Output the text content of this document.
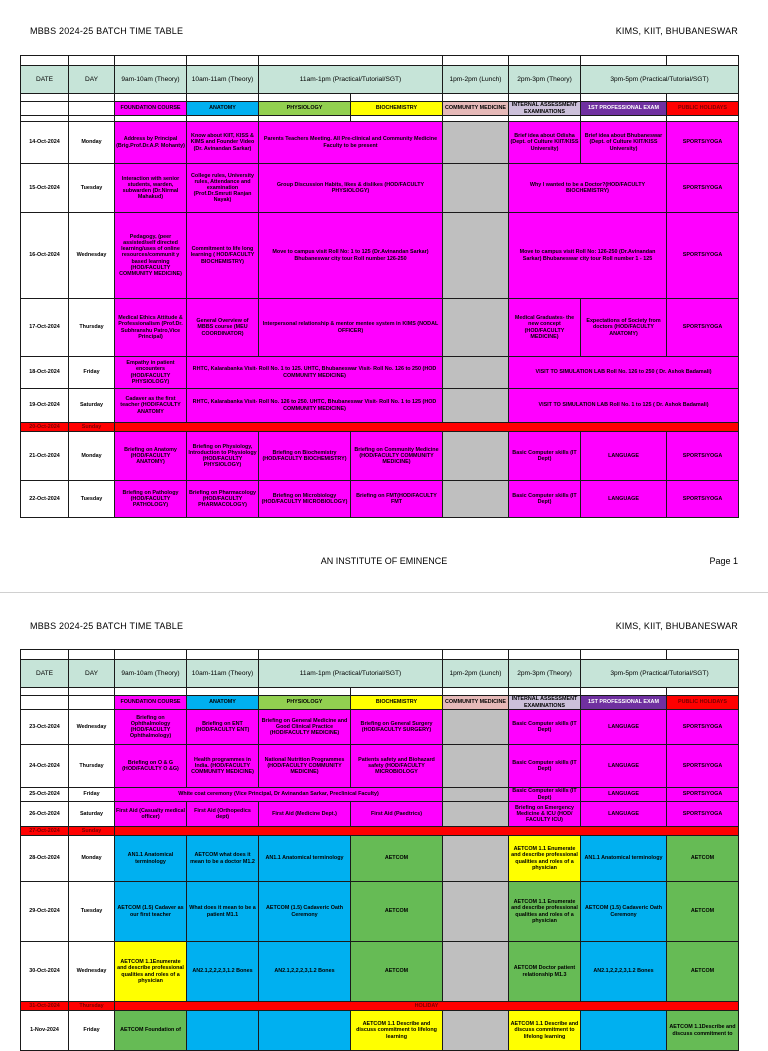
MBBS 2024-25 BATCH TIME TABLE	KIMS, KIIT, BHUBANESWAR

DATE	DAY	9am-10am (Theory)	10am-11am (Theory)	11am-1pm (Practical/Tutorial/SGT)		1pm-2pm (Lunch)	2pm-3pm (Theory)	3pm-5pm (Practical/Tutorial/SGT)	

		FOUNDATION COURSE	ANATOMY	PHYSIOLOGY	BIOCHEMISTRY	COMMUNITY MEDICINE	INTERNAL ASSESSMENT EXAMINATIONS	1ST PROFESSIONAL EXAM	PUBLIC HOLIDAYS

14-Oct-2024	Monday	Address by Principal (Brig.Prof.Dr.A.P. Mohanty)	Know about KIIT, KISS & KIMS and Founder Video (Dr. Avinandan Sarkar)	Parents Teachers Meeting. All Pre-clinical and Community Medicine Faculty to be present			Brief idea about Odisha (Dept. of Culture KIIT/KISS University)	Brief idea about Bhubaneswar (Dept. of Culture KIIT/KISS University)	SPORTS/YOGA
15-Oct-2024	Tuesday	Interaction with senior students, warden, subwarden (Dr.Nirmal Mahakud)	College rules, University rules, Attendance and examination (Prof.Dr.Smruti Ranjan Nayak)	Group Discussion Habits, likes & dislikes (HOD/FACULTY PHYSIOLOGY)			Why I wanted to be a Doctor?(HOD/FACULTY BIOCHEMISTRY)		SPORTS/YOGA
16-Oct-2024	Wednesday	Pedagogy, (peer assisted/self directed learning/uses of online resources/communit y based learning (HOD/FACULTY COMMUNITY MEDICINE)	Commitment to life long learning ( HOD/FACULTY BIOCHEMISTRY)	Move to campus visit Roll No: 1 to 125 (Dr.Avinandan Sarkar) Bhubaneswar city tour Roll number 126-250			Move to campus visit Roll No: 126-250 (Dr.Avinandan Sarkar) Bhubaneswar city tour Roll number 1 - 125		SPORTS/YOGA
17-Oct-2024	Thursday	Medical Ethics Attitude & Professionalism (Prof.Dr. Subhranshu Patro,Vice Principal)	General Overview of MBBS course (MEU COORDINATOR)	Interpersonal relationship & mentor mentee system in KIMS (NODAL OFFICER)			Medical Graduates- the new concept (HOD/FACULTY MEDICINE)	Expectations of Society from doctors (HOD/FACULTY ANATOMY)	SPORTS/YOGA
18-Oct-2024	Friday	Empathy in patient encounters (HOD/FACULTY PHYSIOLOGY)	RHTC, Kalarabanka Visit- Roll No. 1 to 125. UHTC, Bhubaneswar Visit- Roll No. 126 to 250 (HOD COMMUNITY MEDICINE)				VISIT TO SIMULATION LAB Roll No. 126 to 250 ( Dr. Ashok Badamali)		
19-Oct-2024	Saturday	Cadaver as the first teacher (HOD/FACULTY ANATOMY	RHTC, Kalarabanka Visit- Roll No. 126 to 250. UHTC, Bhubaneswar Visit- Roll No. 1 to 125 (HOD COMMUNITY MEDICINE)				VISIT TO SIMULATION LAB Roll No. 1 to 125 ( Dr. Ashok Badamali)		
20-Oct-2024	Sunday								
21-Oct-2024	Monday	Briefing on Anatomy (HOD/FACULTY ANATOMY)	Briefing on Physiology, Introduction to Physiology (HOD/FACULTY PHYSIOLOGY)	Briefing on Biochemistry (HOD/FACULTY BIOCHEMISTRY)	Briefing on Community Medicine (HOD/FACULTY COMMUNITY MEDICINE)		Basic Computer skills (IT Dept)	LANGUAGE	SPORTS/YOGA
22-Oct-2024	Tuesday	Briefing on Pathology (HOD/FACULTY PATHOLOGY)	Briefing on Pharmacology (HOD/FACULTY PHARMACOLOGY)	Briefing on Microbiology (HOD/FACULTY MICROBIOLOGY)	Briefing on FMT(HOD/FACULTY FMT		Basic Computer skills (IT Dept)	LANGUAGE	SPORTS/YOGA
AN INSTITUTE OF EMINENCE	Page 1
MBBS 2024-25 BATCH TIME TABLE	KIMS, KIIT, BHUBANESWAR

DATE	DAY	9am-10am (Theory)	10am-11am (Theory)	11am-1pm (Practical/Tutorial/SGT)		1pm-2pm (Lunch)	2pm-3pm (Theory)	3pm-5pm (Practical/Tutorial/SGT)	

		FOUNDATION COURSE	ANATOMY	PHYSIOLOGY	BIOCHEMISTRY	COMMUNITY MEDICINE	INTERNAL ASSESSMENT EXAMINATIONS	1ST PROFESSIONAL EXAM	PUBLIC HOLIDAYS
23-Oct-2024	Wednesday	Briefing on Ophthalmology (HOD/FACULTY Ophthalmology)	Briefing on ENT (HOD/FACULTY ENT)	Briefing on General Medicine and Good Clinical Practice (HOD/FACULTY MEDICINE)	Briefing on General Surgery (HOD/FACULTY SURGERY)		Basic Computer skills (IT Dept)	LANGUAGE	SPORTS/YOGA
24-Oct-2024	Thursday	Briefing on O & G (HOD/FACULTY O &G)	Health programmes in India. (HOD/FACULTY COMMUNITY MEDICINE)	National Nutrition Programmes (HOD/FACULTY COMMUNITY MEDICINE)	Patients safety and Biohazard safety (HOD/FACULTY MICROBIOLOGY		Basic Computer skills (IT Dept)	LANGUAGE	SPORTS/YOGA
25-Oct-2024	Friday	White coat ceremony (Vice Principal, Dr Avinandan Sarkar, Preclinical Faculty)					Basic Computer skills (IT Dept)	LANGUAGE	SPORTS/YOGA
26-Oct-2024	Saturday	First Aid (Casualty medical officer)	First Aid (Orthopedics dept)	First Aid (Medicine Dept.)	First Aid (Paedtrics)		Briefing on Emergency Medicine & ICU (HOD/ FACULTY ICU)	LANGUAGE	SPORTS/YOGA
27-Oct-2024	Sunday								
28-Oct-2024	Monday	AN1.1 Anatomical terminology	AETCOM what does it mean to be a doctor M1.2	AN1.1 Anatomical terminology	AETCOM		AETCOM 1.1 Enumerate and describe professional qualities and roles of a physician	AN1.1 Anatomical terminology	AETCOM
29-Oct-2024	Tuesday	AETCOM (1.5) Cadaver as our first teacher	What does it mean to be a patient M1.1	AETCOM (1.5) Cadaveric Oath Ceremony	AETCOM		AETCOM 1.1 Enumerate and describe professional qualities and roles of a physician	AETCOM (1.5) Cadaveric Oath Ceremony	AETCOM
30-Oct-2024	Wednesday	AETCOM 1.1Enumerate and describe professional qualities and roles of a physician	AN2.1,2,2,2,3,1.2 Bones	AN2.1,2,2,2,3,1.2 Bones	AETCOM		AETCOM Doctor patient relationship M1.3	AN2.1,2,2,2,3,1.2 Bones	AETCOM
31-Oct-2024	Thursday	HOLIDAY							
1-Nov-2024	Friday	AETCOM Foundation of			AETCOM 1.1 Describe and discuss commitment to lifelong learning		AETCOM 1.1 Describe and discuss commitment to lifelong learning		AETCOM 1.1Describe and discuss commitment to
